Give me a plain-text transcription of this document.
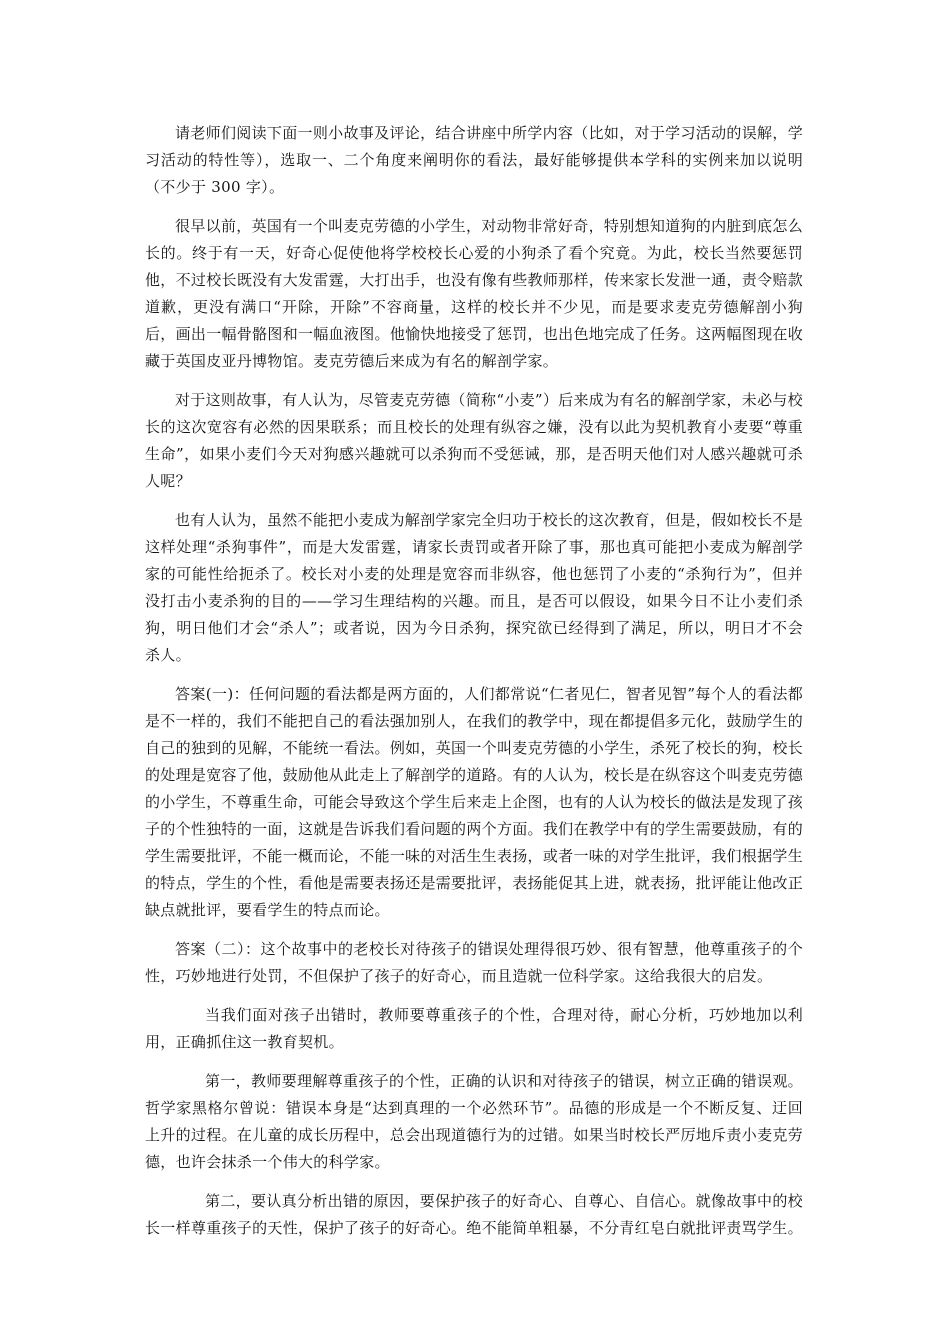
请老师们阅读下面一则小故事及评论，结合讲座中所学内容（比如，对于学习活动的误解，学习活动的特性等），选取一、二个角度来阐明你的看法，最好能够提供本学科的实例来加以说明（不少于 300 字）。

很早以前，英国有一个叫麦克劳德的小学生，对动物非常好奇，特别想知道狗的内脏到底怎么长的。终于有一天，好奇心促使他将学校校长心爱的小狗杀了看个究竟。为此，校长当然要惩罚他，不过校长既没有大发雷霆，大打出手，也没有像有些教师那样，传来家长发泄一通，责令赔款道歉，更没有满口“开除，开除”不容商量，这样的校长并不少见，而是要求麦克劳德解剖小狗后，画出一幅骨骼图和一幅血液图。他愉快地接受了惩罚，也出色地完成了任务。这两幅图现在收藏于英国皮亚丹博物馆。麦克劳德后来成为有名的解剖学家。

对于这则故事，有人认为，尽管麦克劳德（简称“小麦”）后来成为有名的解剖学家，未必与校长的这次宽容有必然的因果联系；而且校长的处理有纵容之嫌，没有以此为契机教育小麦要“尊重生命”，如果小麦们今天对狗感兴趣就可以杀狗而不受惩诫，那，是否明天他们对人感兴趣就可杀人呢？

也有人认为，虽然不能把小麦成为解剖学家完全归功于校长的这次教育，但是，假如校长不是这样处理“杀狗事件”，而是大发雷霆，请家长责罚或者开除了事，那也真可能把小麦成为解剖学家的可能性给扼杀了。校长对小麦的处理是宽容而非纵容，他也惩罚了小麦的“杀狗行为”，但并没打击小麦杀狗的目的——学习生理结构的兴趣。而且，是否可以假设，如果今日不让小麦们杀狗，明日他们才会“杀人”；或者说，因为今日杀狗，探究欲已经得到了满足，所以，明日才不会杀人。

答案(一)：任何问题的看法都是两方面的，人们都常说“仁者见仁，智者见智”每个人的看法都是不一样的，我们不能把自己的看法强加别人，在我们的教学中，现在都提倡多元化，鼓励学生的自己的独到的见解，不能统一看法。例如，英国一个叫麦克劳德的小学生，杀死了校长的狗，校长的处理是宽容了他，鼓励他从此走上了解剖学的道路。有的人认为，校长是在纵容这个叫麦克劳德的小学生，不尊重生命，可能会导致这个学生后来走上企图，也有的人认为校长的做法是发现了孩子的个性独特的一面，这就是告诉我们看问题的两个方面。我们在教学中有的学生需要鼓励，有的学生需要批评，不能一概而论，不能一味的对活生生表扬，或者一味的对学生批评，我们根据学生的特点，学生的个性，看他是需要表扬还是需要批评，表扬能促其上进，就表扬，批评能让他改正缺点就批评，要看学生的特点而论。

答案（二）：这个故事中的老校长对待孩子的错误处理得很巧妙、很有智慧，他尊重孩子的个性，巧妙地进行处罚，不但保护了孩子的好奇心，而且造就一位科学家。这给我很大的启发。

当我们面对孩子出错时，教师要尊重孩子的个性，合理对待，耐心分析，巧妙地加以利用，正确抓住这一教育契机。

第一，教师要理解尊重孩子的个性，正确的认识和对待孩子的错误，树立正确的错误观。哲学家黑格尔曾说：错误本身是“达到真理的一个必然环节”。品德的形成是一个不断反复、迂回上升的过程。在儿童的成长历程中，总会出现道德行为的过错。如果当时校长严厉地斥责小麦克劳德，也许会抹杀一个伟大的科学家。

第二，要认真分析出错的原因，要保护孩子的好奇心、自尊心、自信心。就像故事中的校长一样尊重孩子的天性，保护了孩子的好奇心。绝不能简单粗暴，不分青红皂白就批评责骂学生。
